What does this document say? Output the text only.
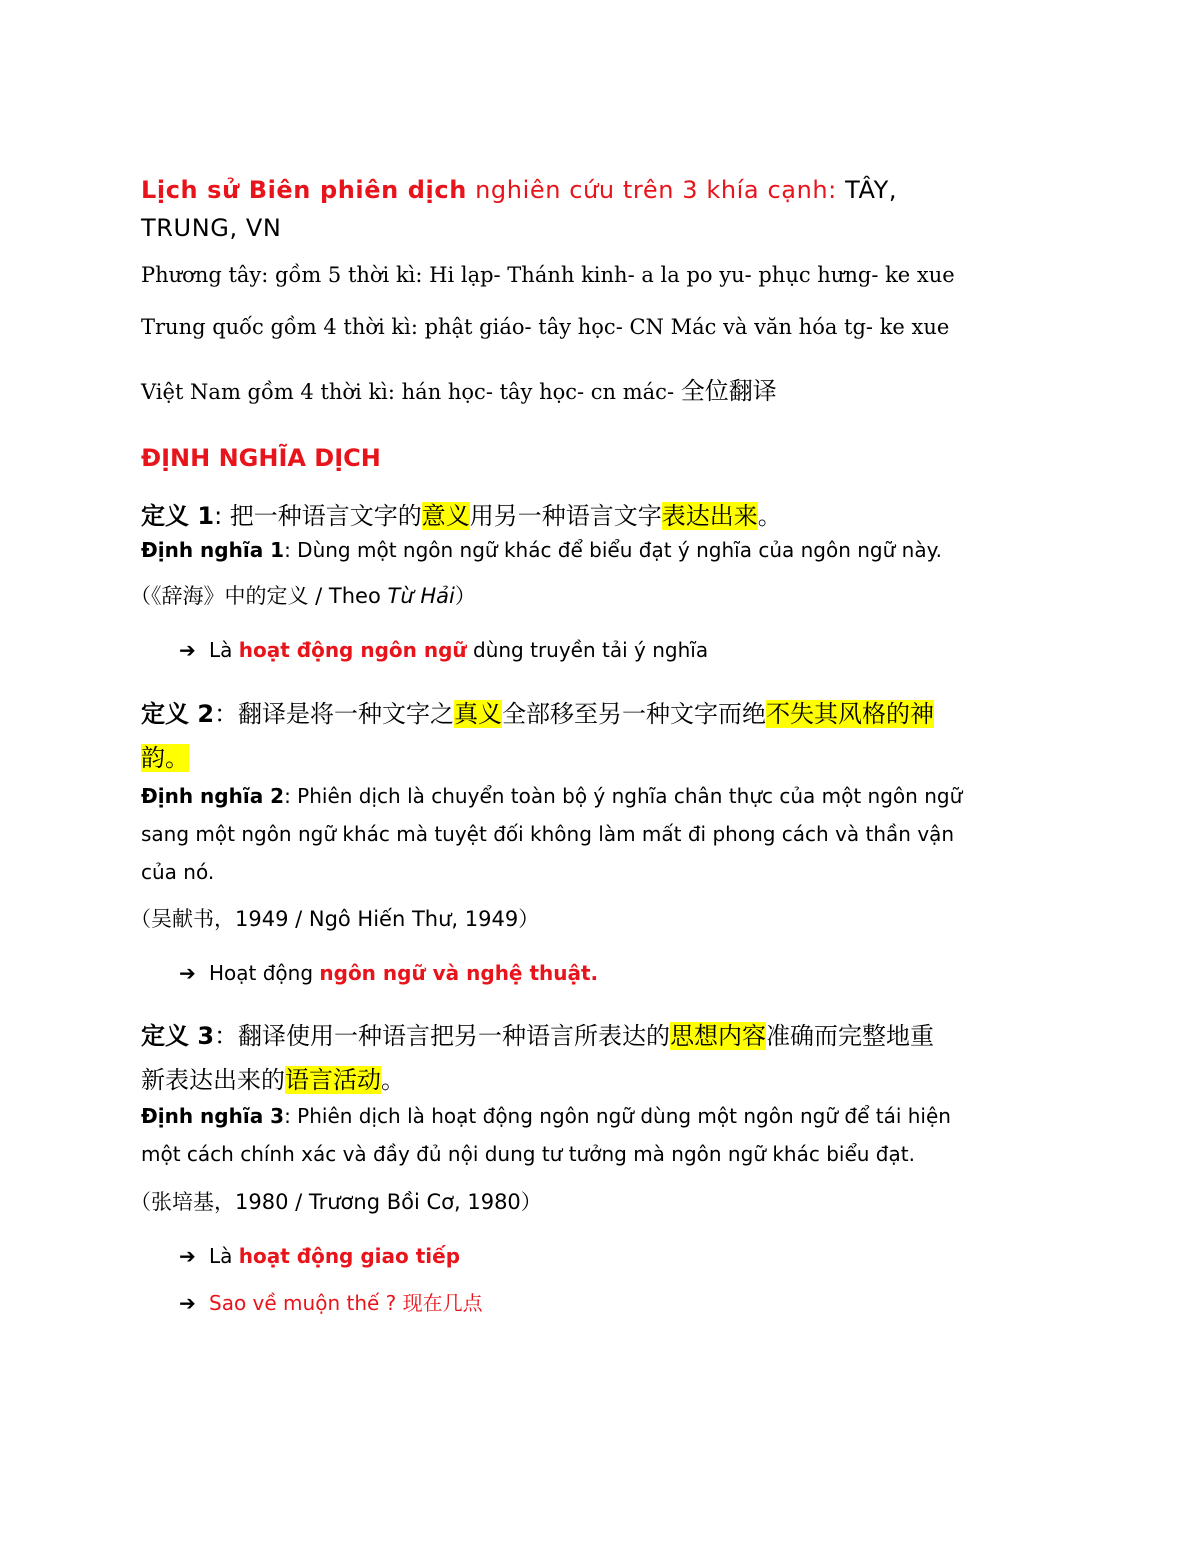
Lịch sử Biên phiên dịch nghiên cứu trên 3 khía cạnh: TÂY,
TRUNG, VN
Phương tây: gồm 5 thời kì: Hi lạp- Thánh kinh- a la po yu- phục hưng- ke xue
Trung quốc gồm 4 thời kì: phật giáo- tây học- CN Mác và văn hóa tg- ke xue
Việt Nam gồm 4 thời kì: hán học- tây học- cn mác- 全位翻译
ĐỊNH NGHĨA DỊCH
定义 1: 把一种语言文字的意义用另一种语言文字表达出来。
Định nghĩa 1: Dùng một ngôn ngữ khác để biểu đạt ý nghĩa của ngôn ngữ này.
（《辞海》中的定义 / Theo Từ Hải）
➔ Là hoạt động ngôn ngữ dùng truyền tải ý nghĩa
定义 2：翻译是将一种文字之真义全部移至另一种文字而绝不失其风格的神
韵。
Định nghĩa 2: Phiên dịch là chuyển toàn bộ ý nghĩa chân thực của một ngôn ngữ
sang một ngôn ngữ khác mà tuyệt đối không làm mất đi phong cách và thần vận
của nó.
（吴献书，1949 / Ngô Hiến Thư, 1949）
➔ Hoạt động ngôn ngữ và nghệ thuật.
定义 3：翻译使用一种语言把另一种语言所表达的思想内容准确而完整地重
新表达出来的语言活动。
Định nghĩa 3: Phiên dịch là hoạt động ngôn ngữ dùng một ngôn ngữ để tái hiện
một cách chính xác và đầy đủ nội dung tư tưởng mà ngôn ngữ khác biểu đạt.
（张培基，1980 / Trương Bồi Cơ, 1980）
➔ Là hoạt động giao tiếp
➔ Sao về muộn thế ? 现在几点
